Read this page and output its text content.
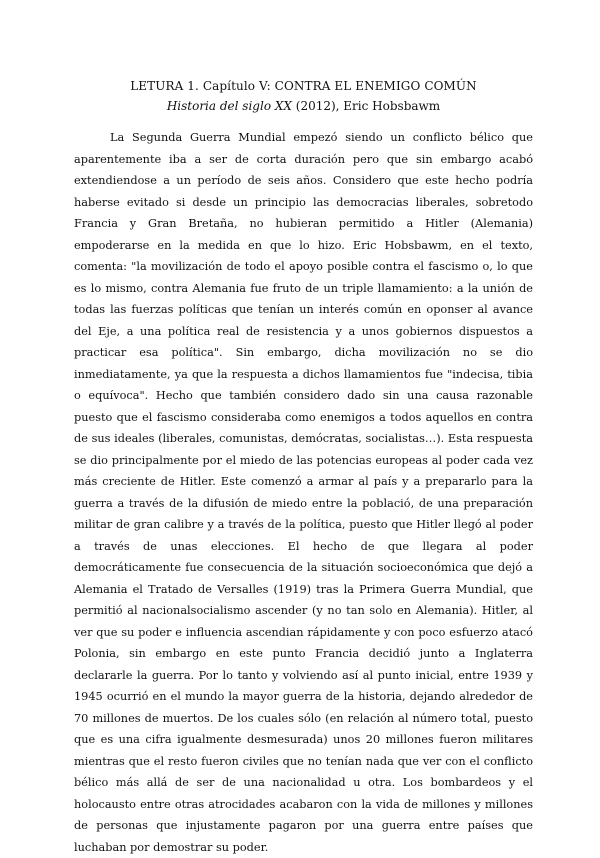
LETURA 1. Capítulo V: CONTRA EL ENEMIGO COMÚN

Historia del siglo XX (2012), Eric Hobsbawm

La Segunda Guerra Mundial empezó siendo un conflicto bélico que aparentemente iba a ser de corta duración pero que sin embargo acabó extendiendose a un período de seis años. Considero que este hecho podría haberse evitado si desde un principio las democracias liberales, sobretodo Francia y Gran Bretaña, no hubieran permitido a Hitler (Alemania) empoderarse en la medida en que lo hizo. Eric Hobsbawm, en el texto, comenta: "la movilización de todo el apoyo posible contra el fascismo o, lo que es lo mismo, contra Alemania fue fruto de un triple llamamiento: a la unión de todas las fuerzas políticas que tenían un interés común en oponser al avance del Eje, a una política real de resistencia y a unos gobiernos dispuestos a practicar esa política". Sin embargo, dicha movilización no se dio inmediatamente, ya que la respuesta a dichos llamamientos fue "indecisa, tibia o equívoca". Hecho que también considero dado sin una causa razonable puesto que el fascismo consideraba como enemigos a todos aquellos en contra de sus ideales (liberales, comunistas, demócratas, socialistas…). Esta respuesta se dio principalmente por el miedo de las potencias europeas al poder cada vez más creciente de Hitler. Este comenzó a armar al país y a prepararlo para la guerra a través de la difusión de miedo entre la població, de una preparación militar de gran calibre y a través de la política, puesto que Hitler llegó al poder a través de unas elecciones. El hecho de que llegara al poder democráticamente fue consecuencia de la situación socioeconómica que dejó a Alemania el Tratado de Versalles (1919) tras la Primera Guerra Mundial, que permitió al nacionalsocialismo ascender (y no tan solo en Alemania). Hitler, al ver que su poder e influencia ascendian rápidamente y con poco esfuerzo atacó Polonia, sin embargo en este punto Francia decidió junto a Inglaterra declararle la guerra. Por lo tanto y volviendo así al punto inicial, entre 1939 y 1945 ocurrió en el mundo la mayor guerra de la historia, dejando alrededor de 70 millones de muertos. De los cuales sólo (en relación al número total, puesto que es una cifra igualmente desmesurada) unos 20 millones fueron militares mientras que el resto fueron civiles que no tenían nada que ver con el conflicto bélico más allá de ser de una nacionalidad u otra. Los bombardeos y el holocausto entre otras atrocidades acabaron con la vida de millones y millones de personas que injustamente pagaron por una guerra entre países que luchaban por demostrar su poder.
